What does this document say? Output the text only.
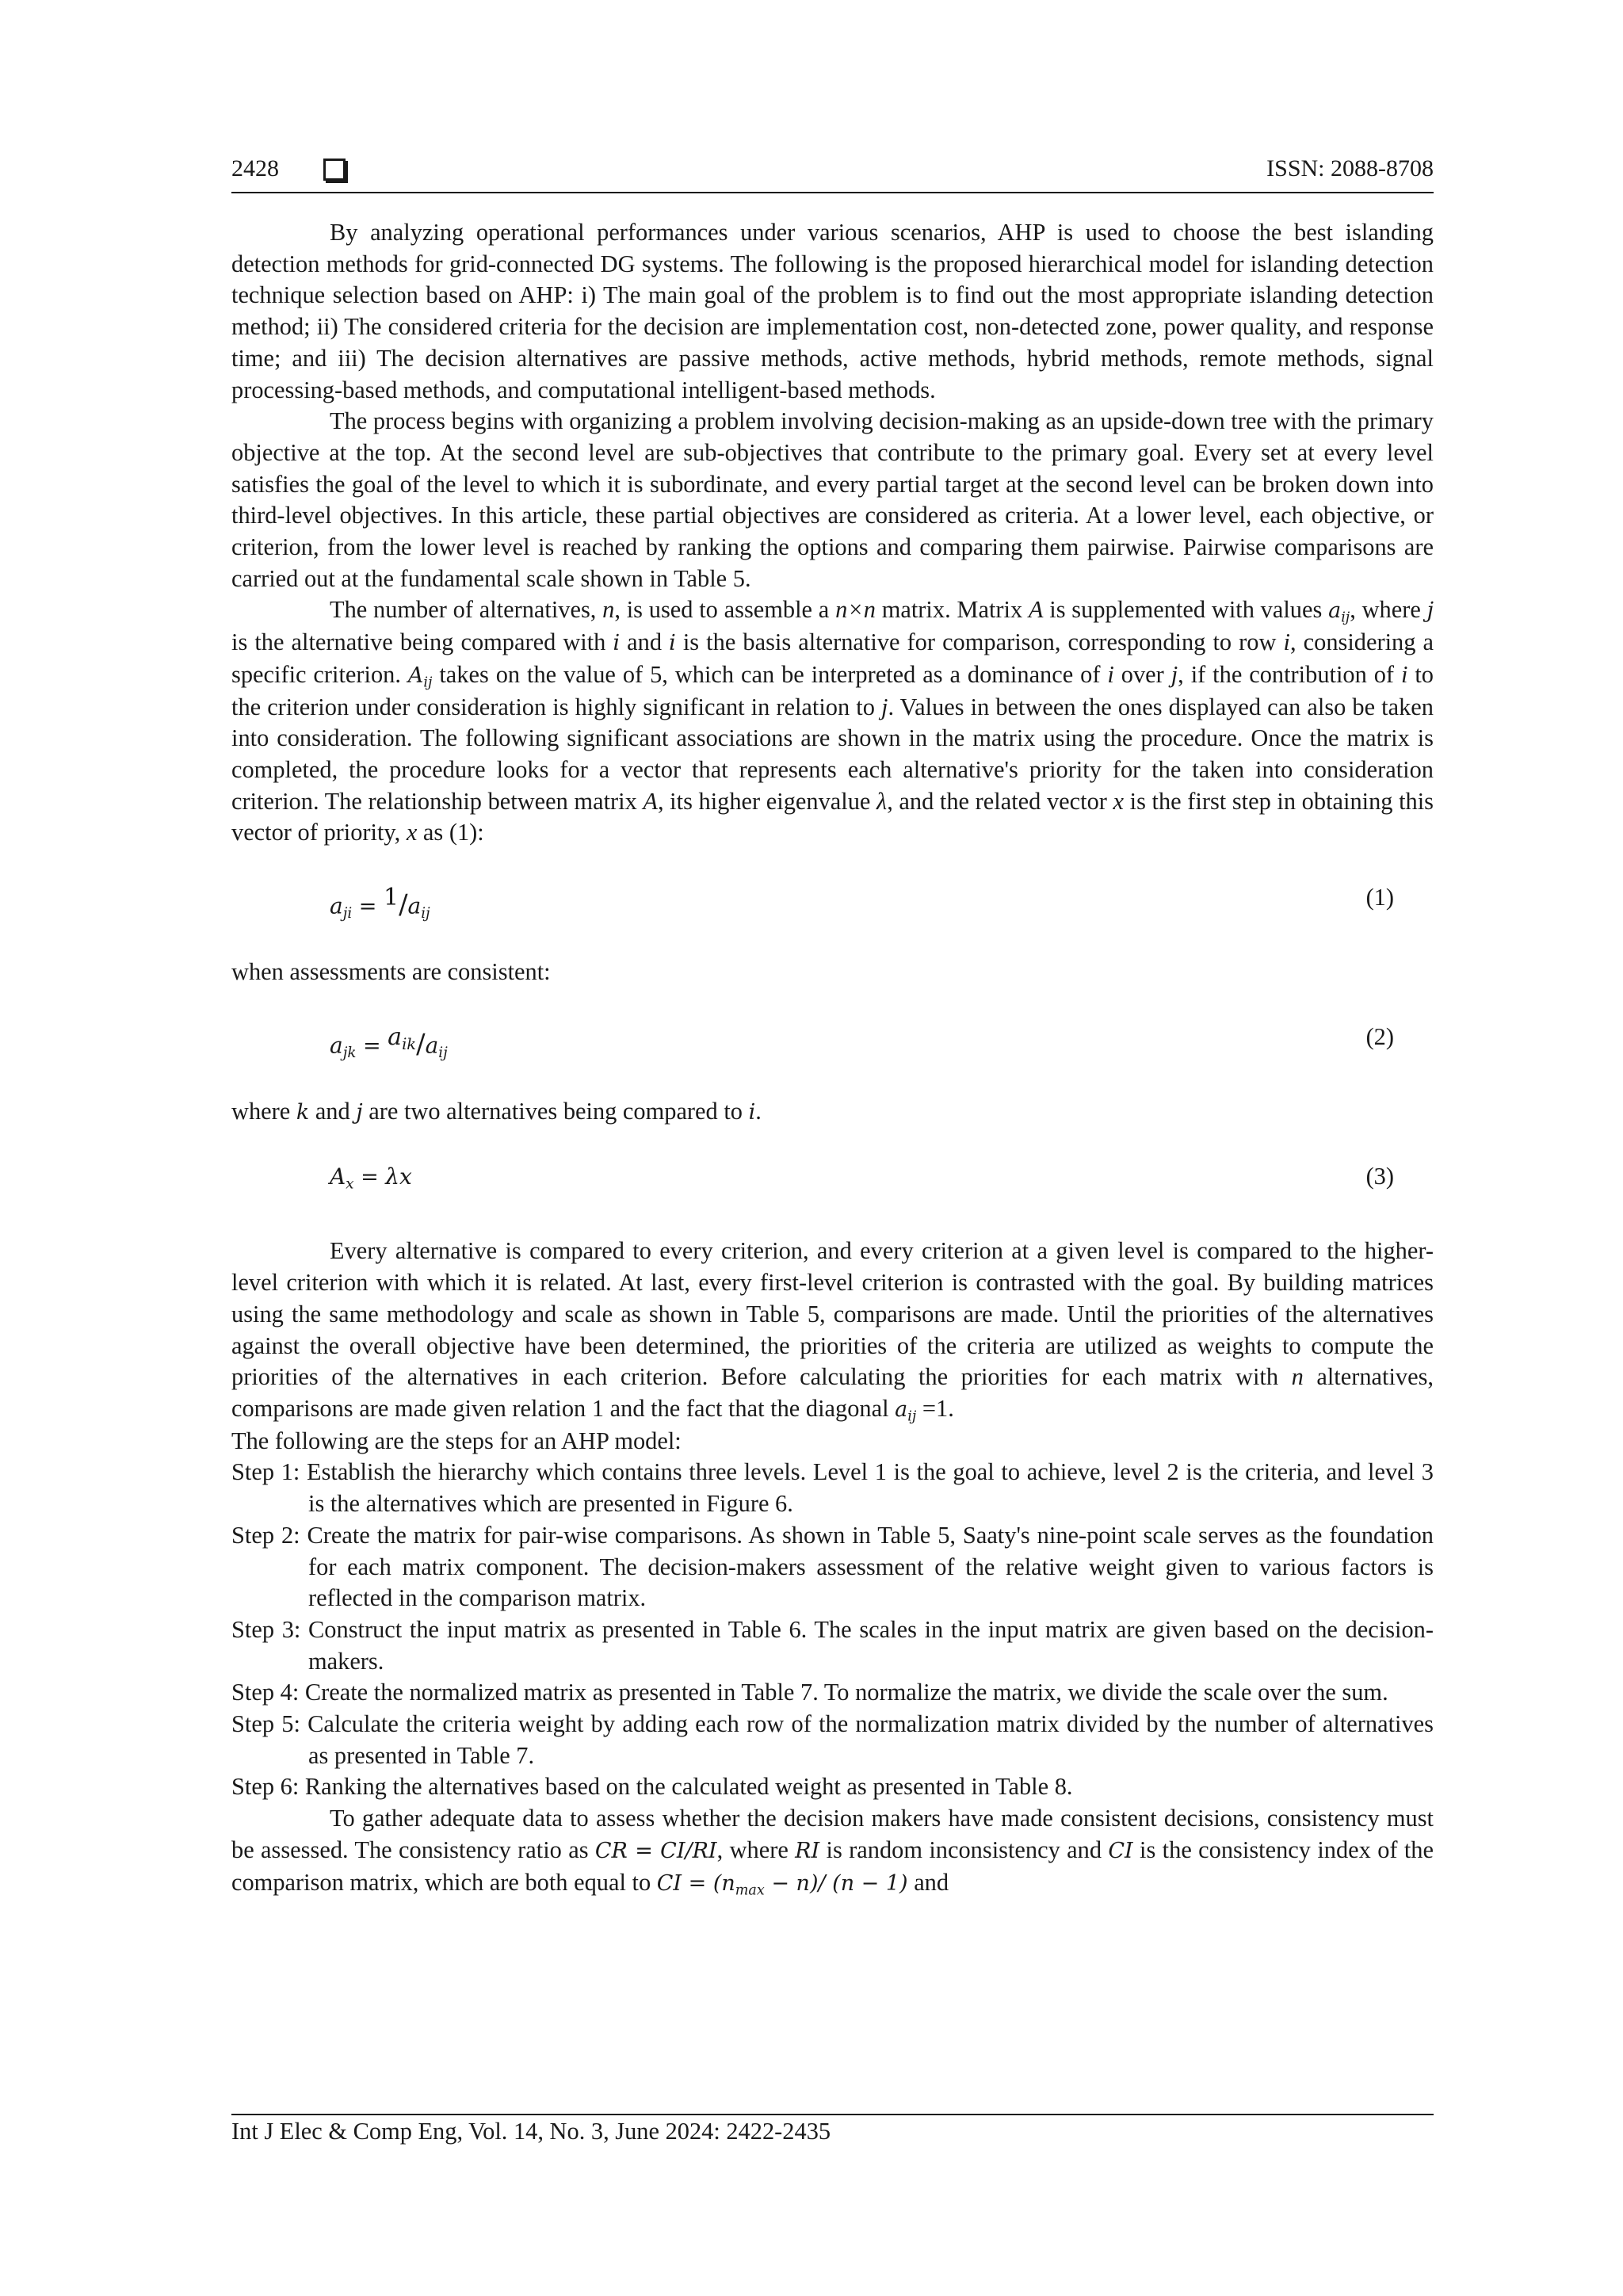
2428	ISSN: 2088-8708

By analyzing operational performances under various scenarios, AHP is used to choose the best islanding detection methods for grid-connected DG systems. The following is the proposed hierarchical model for islanding detection technique selection based on AHP: i) The main goal of the problem is to find out the most appropriate islanding detection method; ii) The considered criteria for the decision are implementation cost, non-detected zone, power quality, and response time; and iii) The decision alternatives are passive methods, active methods, hybrid methods, remote methods, signal processing-based methods, and computational intelligent-based methods.

The process begins with organizing a problem involving decision-making as an upside-down tree with the primary objective at the top. At the second level are sub-objectives that contribute to the primary goal. Every set at every level satisfies the goal of the level to which it is subordinate, and every partial target at the second level can be broken down into third-level objectives. In this article, these partial objectives are considered as criteria. At a lower level, each objective, or criterion, from the lower level is reached by ranking the options and comparing them pairwise. Pairwise comparisons are carried out at the fundamental scale shown in Table 5.

The number of alternatives, n, is used to assemble a n×n matrix. Matrix A is supplemented with values $a_{ij}$, where j is the alternative being compared with i and i is the basis alternative for comparison, corresponding to row i, considering a specific criterion. $A_{ij}$ takes on the value of 5, which can be interpreted as a dominance of i over j, if the contribution of i to the criterion under consideration is highly significant in relation to j. Values in between the ones displayed can also be taken into consideration. The following significant associations are shown in the matrix using the procedure. Once the matrix is completed, the procedure looks for a vector that represents each alternative's priority for the taken into consideration criterion. The relationship between matrix A, its higher eigenvalue λ, and the related vector x is the first step in obtaining this vector of priority, x as (1):

$a_{ji} = 1/a_{ij}$
(1)

when assessments are consistent:

$a_{jk} = a_{ik}/a_{ij}$
(2)

where k and j are two alternatives being compared to i.

$A_x = \lambda x$	(3)

Every alternative is compared to every criterion, and every criterion at a given level is compared to the higher-level criterion with which it is related. At last, every first-level criterion is contrasted with the goal. By building matrices using the same methodology and scale as shown in Table 5, comparisons are made. Until the priorities of the alternatives against the overall objective have been determined, the priorities of the criteria are utilized as weights to compute the priorities of the alternatives in each criterion. Before calculating the priorities for each matrix with n alternatives, comparisons are made given relation 1 and the fact that the diagonal $a_{ij} =1$.

The following are the steps for an AHP model:

Step 1: Establish the hierarchy which contains three levels. Level 1 is the goal to achieve, level 2 is the criteria, and level 3 is the alternatives which are presented in Figure 6.
Step 2: Create the matrix for pair-wise comparisons. As shown in Table 5, Saaty's nine-point scale serves as the foundation for each matrix component. The decision-makers assessment of the relative weight given to various factors is reflected in the comparison matrix.
Step 3: Construct the input matrix as presented in Table 6. The scales in the input matrix are given based on the decision-makers.
Step 4: Create the normalized matrix as presented in Table 7. To normalize the matrix, we divide the scale over the sum.
Step 5: Calculate the criteria weight by adding each row of the normalization matrix divided by the number of alternatives as presented in Table 7.
Step 6: Ranking the alternatives based on the calculated weight as presented in Table 8.

To gather adequate data to assess whether the decision makers have made consistent decisions, consistency must be assessed. The consistency ratio as CR = CI/RI, where RI is random inconsistency and CI is the consistency index of the comparison matrix, which are both equal to CI = $(n_{max} - n)/$ (n − 1) and

Int J Elec & Comp Eng, Vol. 14, No. 3, June 2024: 2422-2435
